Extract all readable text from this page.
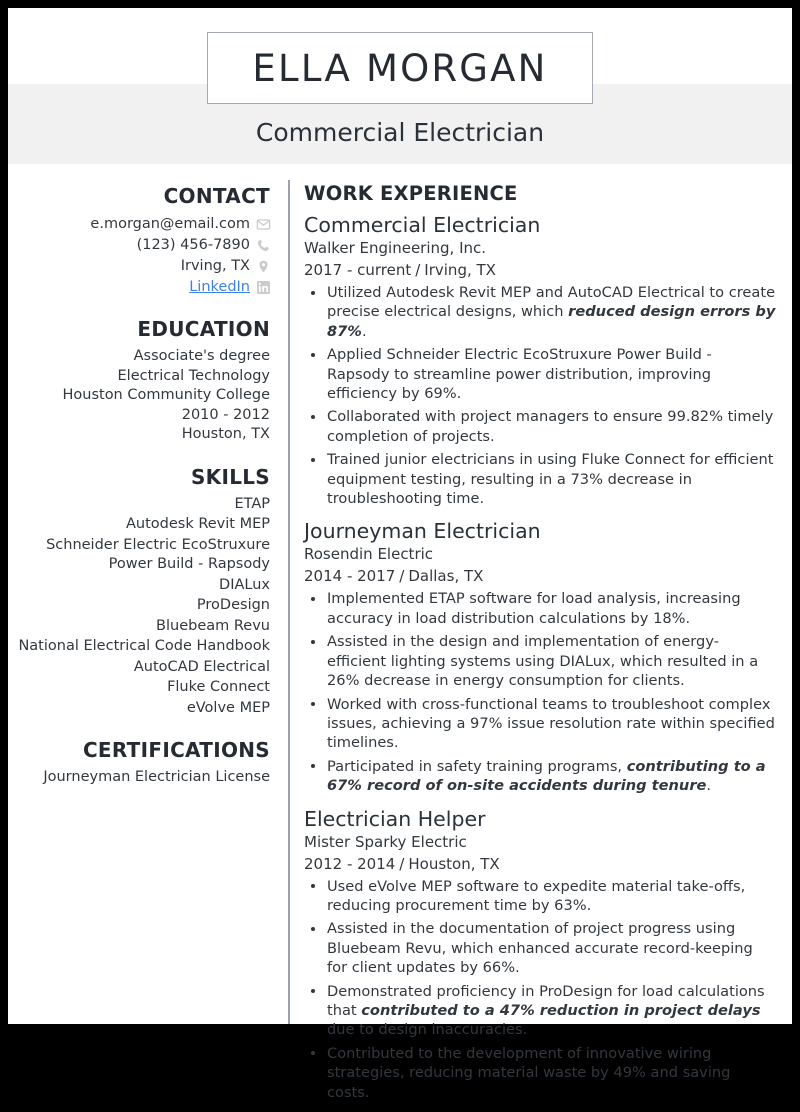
ELLA MORGAN
Commercial Electrician
CONTACT
e.morgan@email.com
(123) 456-7890
Irving, TX
LinkedIn
EDUCATION
Associate's degree
Electrical Technology
Houston Community College
2010 - 2012
Houston, TX
SKILLS
ETAP
Autodesk Revit MEP
Schneider Electric EcoStruxure Power Build - Rapsody
DIALux
ProDesign
Bluebeam Revu
National Electrical Code Handbook
AutoCAD Electrical
Fluke Connect
eVolve MEP
CERTIFICATIONS
Journeyman Electrician License
WORK EXPERIENCE
Commercial Electrician
Walker Engineering, Inc.
2017 - current / Irving, TX
Utilized Autodesk Revit MEP and AutoCAD Electrical to create precise electrical designs, which reduced design errors by 87%.
Applied Schneider Electric EcoStruxure Power Build - Rapsody to streamline power distribution, improving efficiency by 69%.
Collaborated with project managers to ensure 99.82% timely completion of projects.
Trained junior electricians in using Fluke Connect for efficient equipment testing, resulting in a 73% decrease in troubleshooting time.
Journeyman Electrician
Rosendin Electric
2014 - 2017 / Dallas, TX
Implemented ETAP software for load analysis, increasing accuracy in load distribution calculations by 18%.
Assisted in the design and implementation of energy-efficient lighting systems using DIALux, which resulted in a 26% decrease in energy consumption for clients.
Worked with cross-functional teams to troubleshoot complex issues, achieving a 97% issue resolution rate within specified timelines.
Participated in safety training programs, contributing to a 67% record of on-site accidents during tenure.
Electrician Helper
Mister Sparky Electric
2012 - 2014 / Houston, TX
Used eVolve MEP software to expedite material take-offs, reducing procurement time by 63%.
Assisted in the documentation of project progress using Bluebeam Revu, which enhanced accurate record-keeping for client updates by 66%.
Demonstrated proficiency in ProDesign for load calculations that contributed to a 47% reduction in project delays due to design inaccuracies.
Contributed to the development of innovative wiring strategies, reducing material waste by 49% and saving costs.
